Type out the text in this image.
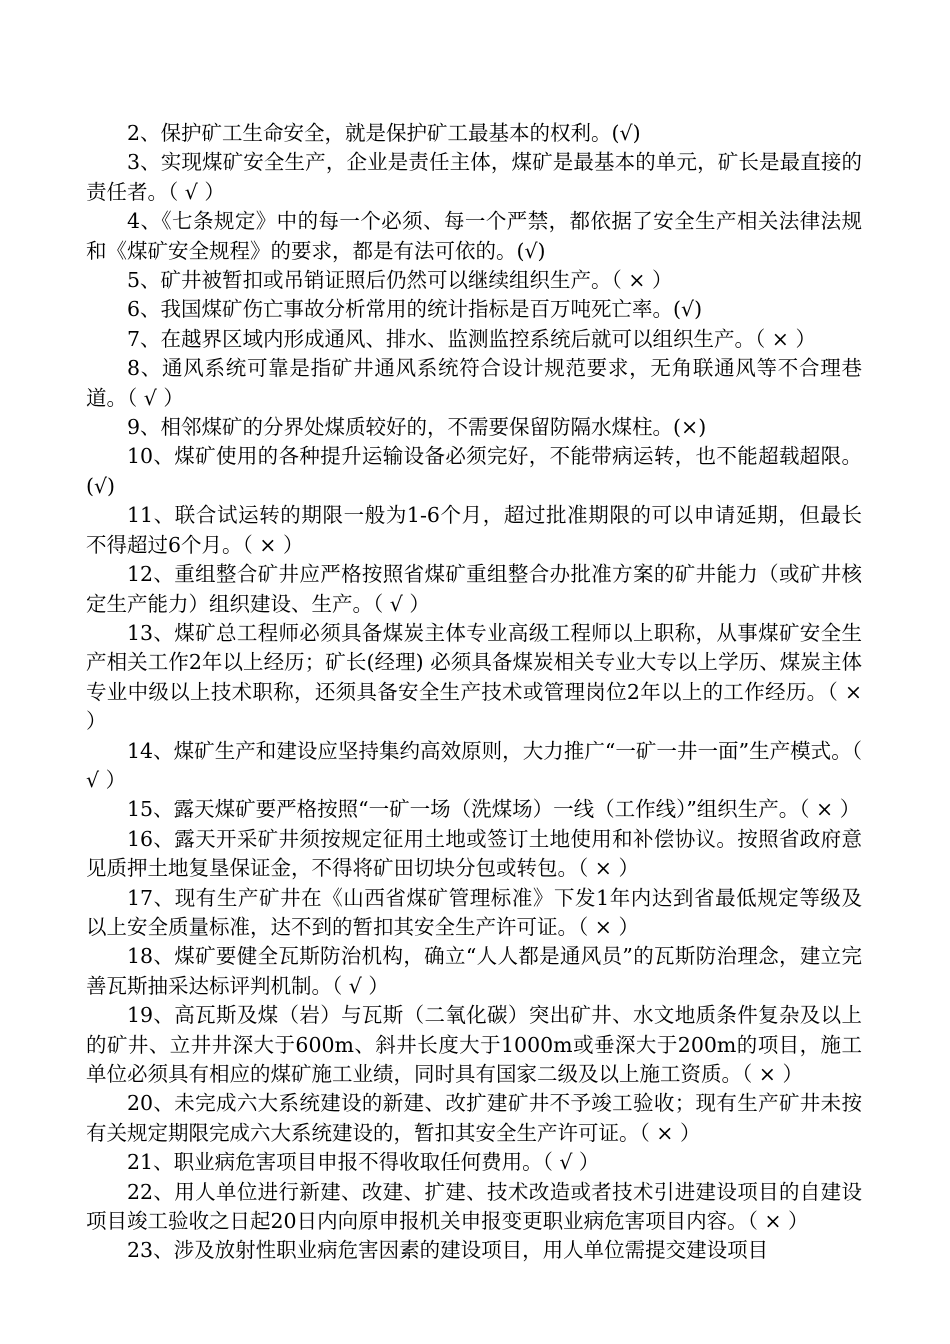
2、保护矿工生命安全，就是保护矿工最基本的权利。(√)

3、实现煤矿安全生产，企业是责任主体，煤矿是最基本的单元，矿长是最直接的责任者。（ √ ）

4、《七条规定》中的每一个必须、每一个严禁，都依据了安全生产相关法律法规和《煤矿安全规程》的要求，都是有法可依的。(√)

5、矿井被暂扣或吊销证照后仍然可以继续组织生产。（ × ）

6、我国煤矿伤亡事故分析常用的统计指标是百万吨死亡率。(√)

7、在越界区域内形成通风、排水、监测监控系统后就可以组织生产。（ × ）

8、通风系统可靠是指矿井通风系统符合设计规范要求，无角联通风等不合理巷道。（ √ ）

9、相邻煤矿的分界处煤质较好的，不需要保留防隔水煤柱。(×)

10、煤矿使用的各种提升运输设备必须完好，不能带病运转，也不能超载超限。(√)

11、联合试运转的期限一般为1-6个月，超过批准期限的可以申请延期，但最长不得超过6个月。（ × ）

12、重组整合矿井应严格按照省煤矿重组整合办批准方案的矿井能力（或矿井核定生产能力）组织建设、生产。（ √ ）

13、煤矿总工程师必须具备煤炭主体专业高级工程师以上职称，从事煤矿安全生产相关工作2年以上经历；矿长(经理) 必须具备煤炭相关专业大专以上学历、煤炭主体专业中级以上技术职称，还须具备安全生产技术或管理岗位2年以上的工作经历。（ × ）

14、煤矿生产和建设应坚持集约高效原则，大力推广“一矿一井一面”生产模式。（ √ ）

15、露天煤矿要严格按照“一矿一场（洗煤场）一线（工作线）”组织生产。（ × ）

16、露天开采矿井须按规定征用土地或签订土地使用和补偿协议。按照省政府意见质押土地复垦保证金，不得将矿田切块分包或转包。（ × ）

17、现有生产矿井在《山西省煤矿管理标准》下发1年内达到省最低规定等级及以上安全质量标准，达不到的暂扣其安全生产许可证。（ × ）

18、煤矿要健全瓦斯防治机构，确立“人人都是通风员”的瓦斯防治理念，建立完善瓦斯抽采达标评判机制。（ √ ）

19、高瓦斯及煤（岩）与瓦斯（二氧化碳）突出矿井、水文地质条件复杂及以上的矿井、立井井深大于600m、斜井长度大于1000m或垂深大于200m的项目，施工单位必须具有相应的煤矿施工业绩，同时具有国家二级及以上施工资质。（ × ）

20、未完成六大系统建设的新建、改扩建矿井不予竣工验收；现有生产矿井未按有关规定期限完成六大系统建设的，暂扣其安全生产许可证。（ × ）

21、职业病危害项目申报不得收取任何费用。（ √ ）

22、用人单位进行新建、改建、扩建、技术改造或者技术引进建设项目的自建设项目竣工验收之日起20日内向原申报机关申报变更职业病危害项目内容。（ × ）

23、涉及放射性职业病危害因素的建设项目，用人单位需提交建设项目
